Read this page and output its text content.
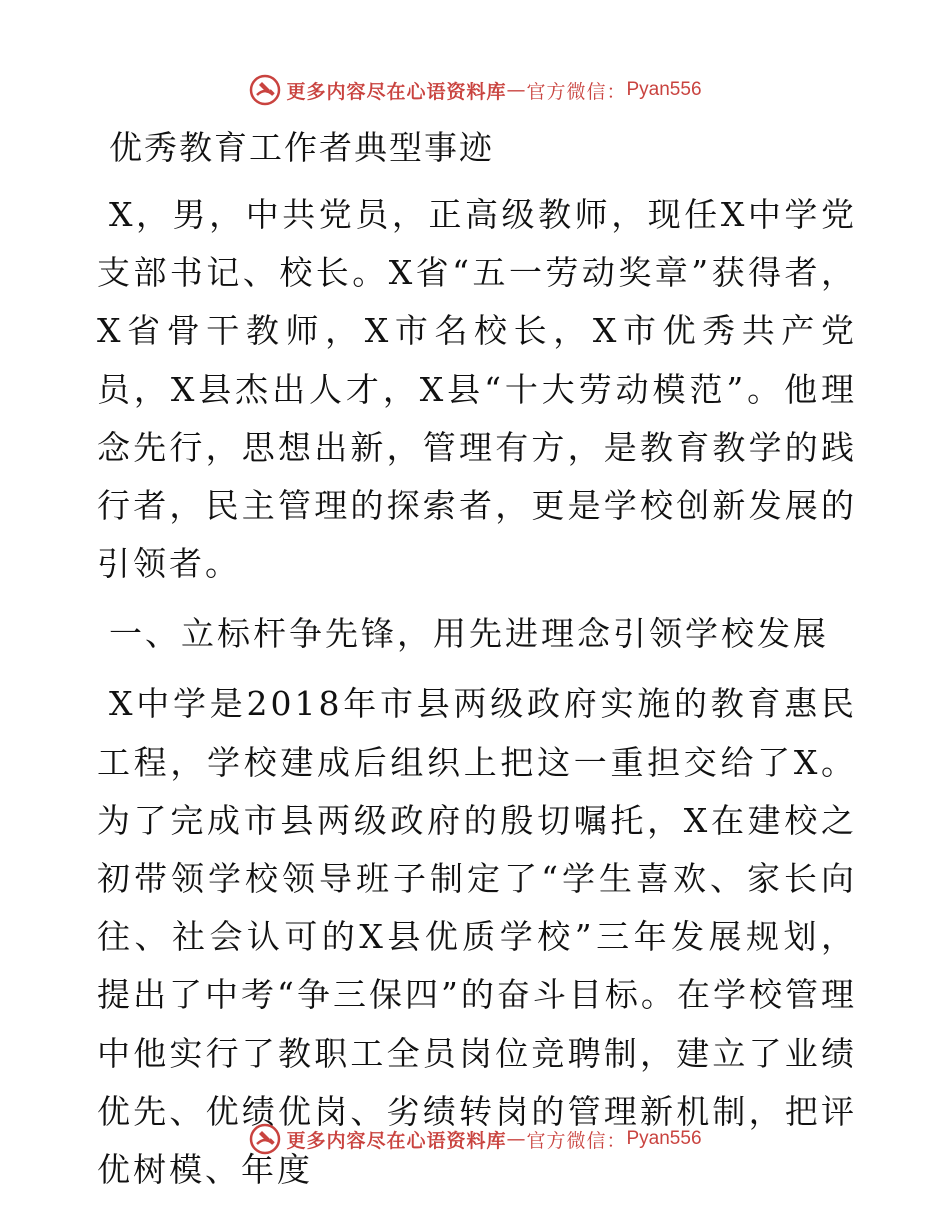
更多内容尽在心语资料库 — 官方微信： Pyan556
优秀教育工作者典型事迹

X，男，中共党员，正高级教师，现任X中学党支部书记、校长。X省“五一劳动奖章”获得者，X省骨干教师，X市名校长，X市优秀共产党员，X县杰出人才，X县“十大劳动模范”。他理念先行，思想出新，管理有方，是教育教学的践行者，民主管理的探索者，更是学校创新发展的引领者。

一、立标杆争先锋，用先进理念引领学校发展

X中学是2018年市县两级政府实施的教育惠民工程，学校建成后组织上把这一重担交给了X。为了完成市县两级政府的殷切嘱托，X在建校之初带领学校领导班子制定了“学生喜欢、家长向往、社会认可的X县优质学校”三年发展规划，提出了中考“争三保四”的奋斗目标。在学校管理中他实行了教职工全员岗位竞聘制，建立了业绩优先、优绩优岗、劣绩转岗的管理新机制，把评优树模、年度

更多内容尽在心语资料库 — 官方微信： Pyan556
